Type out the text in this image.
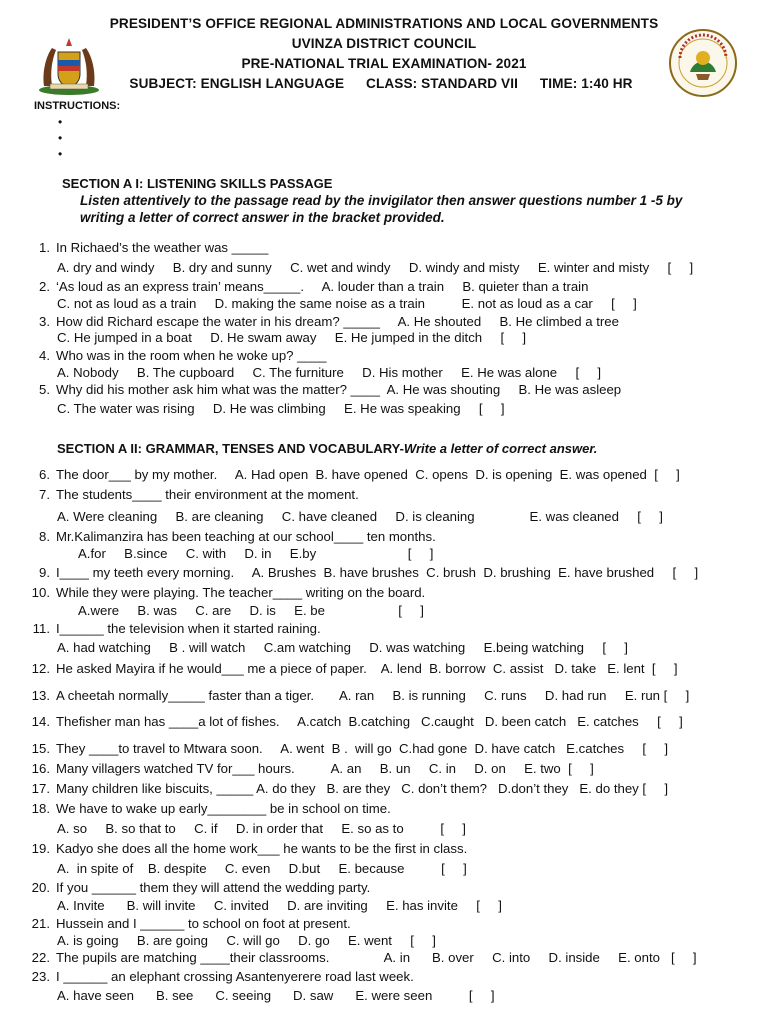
PRESIDENT’S OFFICE REGIONAL ADMINISTRATIONS AND LOCAL GOVERNMENTS
UVINZA DISTRICT COUNCIL
PRE-NATIONAL TRIAL EXAMINATION- 2021
SUBJECT: ENGLISH LANGUAGE CLASS: STANDARD VII TIME: 1:40 HR
INSTRUCTIONS:
•
•
•
SECTION A I: LISTENING SKILLS PASSAGE
Listen attentively to the passage read by the invigilator then answer questions number 1 -5 by
writing a letter of correct answer in the bracket provided.
1. In Richaed’s the weather was _____
A. dry and windy     B. dry and sunny     C. wet and windy     D. windy and misty     E. winter and misty     [     ]
2. ‘As loud as an express train’ means_____.     A. louder than a train     B. quieter than a train
C. not as loud as a train     D. making the same noise as a train          E. not as loud as a car     [     ]
3. How did Richard escape the water in his dream? _____     A. He shouted     B. He climbed a tree
C. He jumped in a boat     D. He swam away     E. He jumped in the ditch     [     ]
4. Who was in the room when he woke up? ____
A. Nobody     B. The cupboard     C. The furniture     D. His mother     E. He was alone     [     ]
5. Why did his mother ask him what was the matter? ____  A. He was shouting     B. He was asleep
C. The water was rising     D. He was climbing     E. He was speaking     [     ]
SECTION A II: GRAMMAR, TENSES AND VOCABULARY-Write a letter of correct answer.
6. The door___ by my mother.     A. Had open  B. have opened  C. opens  D. is opening  E. was opened  [     ]
7. The students____ their environment at the moment.
A. Were cleaning     B. are cleaning     C. have cleaned     D. is cleaning               E. was cleaned     [     ]
8. Mr.Kalimanzira has been teaching at our school____ ten months.
A.for     B.since     C. with     D. in     E.by                         [     ]
9. I____ my teeth every morning.     A. Brushes  B. have brushes  C. brush  D. brushing  E. have brushed     [     ]
10. While they were playing. The teacher____ writing on the board.
A.were     B. was     C. are     D. is     E. be                    [     ]
11. I______ the television when it started raining.
A. had watching     B . will watch     C.am watching     D. was watching     E.being watching     [     ]
12. He asked Mayira if he would___ me a piece of paper.    A. lend  B. borrow  C. assist   D. take   E. lent  [     ]
13. A cheetah normally_____ faster than a tiger.       A. ran     B. is running     C. runs     D. had run     E. run [     ]
14. Thefisher man has ____a lot of fishes.     A.catch  B.catching   C.caught   D. been catch   E. catches     [     ]
15. They ____to travel to Mtwara soon.     A. went  B .  will go  C.had gone  D. have catch   E.catches     [     ]
16. Many villagers watched TV for___ hours.          A. an     B. un     C. in     D. on     E. two  [     ]
17. Many children like biscuits, _____ A. do they   B. are they   C. don’t them?   D.don’t they   E. do they [     ]
18. We have to wake up early________ be in school on time.
A. so     B. so that to     C. if     D. in order that     E. so as to          [     ]
19. Kadyo she does all the home work___ he wants to be the first in class.
A.  in spite of    B. despite     C. even     D.but     E. because          [     ]
20. If you ______ them they will attend the wedding party.
A. Invite      B. will invite     C. invited     D. are inviting     E. has invite     [     ]
21. Hussein and I ______ to school on foot at present.
A. is going     B. are going     C. will go     D. go     E. went     [     ]
22. The pupils are matching ____their classrooms.               A. in      B. over     C. into     D. inside     E. onto   [     ]
23. I ______ an elephant crossing Asantenyerere road last week.
A. have seen      B. see      C. seeing      D. saw      E. were seen          [     ]
